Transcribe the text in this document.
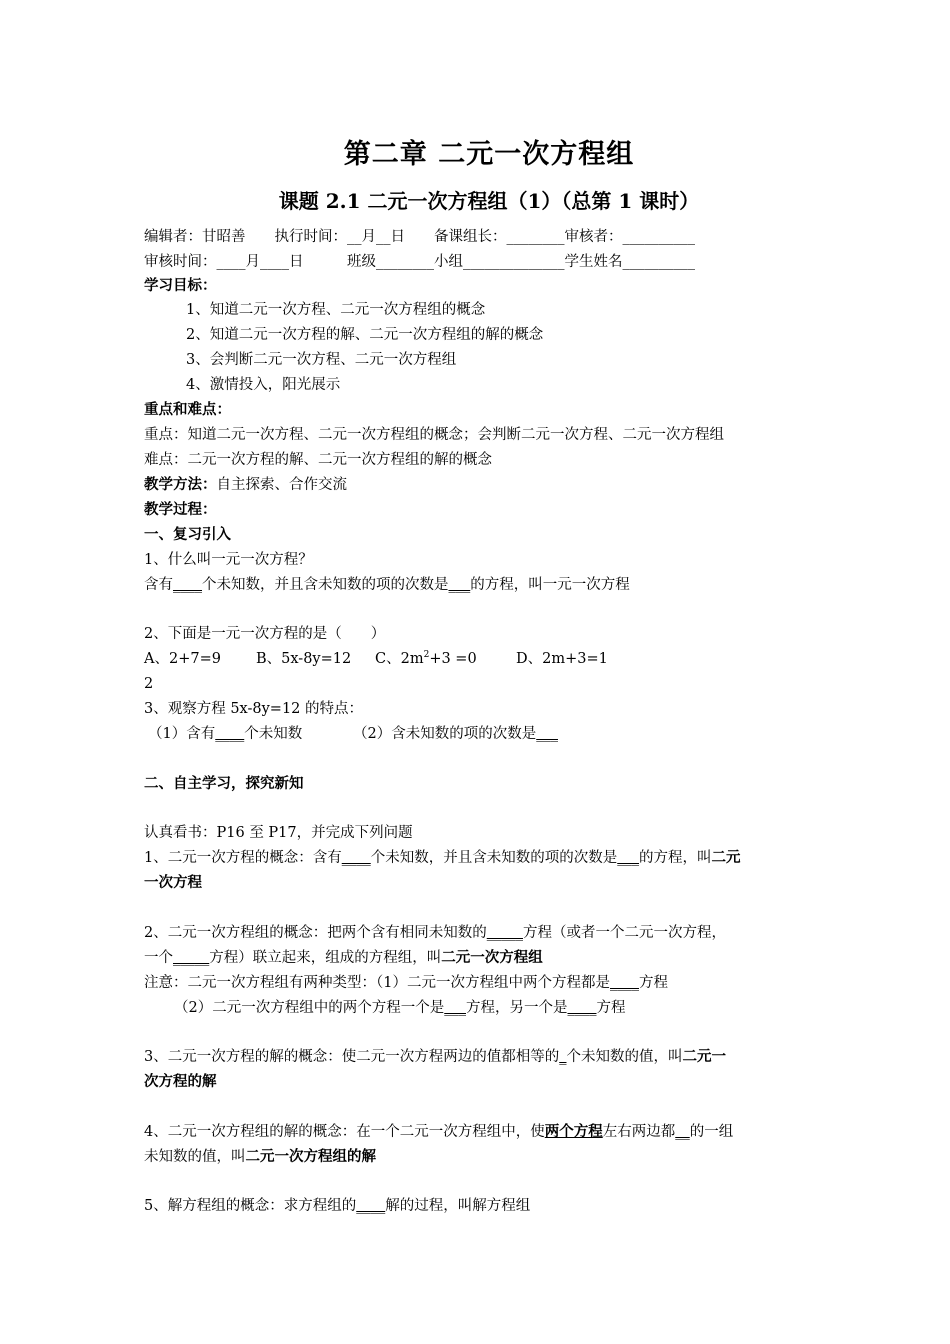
第二章 二元一次方程组
课题 2.1 二元一次方程组（1）（总第 1 课时）
编辑者：甘昭善　　执行时间：__月__日　　备课组长：________审核者：__________
审核时间：____月____日　　　班级________小组______________学生姓名__________
学习目标：
1、知道二元一次方程、二元一次方程组的概念
2、知道二元一次方程的解、二元一次方程组的解的概念
3、会判断二元一次方程、二元一次方程组
4、激情投入，阳光展示
重点和难点：
重点：知道二元一次方程、二元一次方程组的概念；会判断二元一次方程、二元一次方程组
难点：二元一次方程的解、二元一次方程组的解的概念
教学方法：自主探索、合作交流
教学过程：
一、复习引入
1、什么叫一元一次方程？
含有____个未知数，并且含未知数的项的次数是___的方程，叫一元一次方程
2、下面是一元一次方程的是（　　）
A、2+7=9 B、5x-8y=12 C、$2m^2+3 =0$	D、2m+3=1
2
3、观察方程 5x-8y=12 的特点：
（1）含有____个未知数　　　　（2）含未知数的项的次数是___
二、自主学习，探究新知
认真看书：P16 至 P17，并完成下列问题
1、二元一次方程的概念：含有____个未知数，并且含未知数的项的次数是___的方程，叫二元
一次方程
2、二元一次方程组的概念：把两个含有相同未知数的_____方程（或者一个二元一次方程，
一个_____方程）联立起来，组成的方程组，叫二元一次方程组
注意：二元一次方程组有两种类型：（1）二元一次方程组中两个方程都是____方程
（2）二元一次方程组中的两个方程一个是___方程，另一个是____方程
3、二元一次方程的解的概念：使二元一次方程两边的值都相等的_个未知数的值，叫二元一
次方程的解
4、二元一次方程组的解的概念：在一个二元一次方程组中，使两个方程左右两边都__的一组
未知数的值，叫二元一次方程组的解
5、解方程组的概念：求方程组的____解的过程，叫解方程组
